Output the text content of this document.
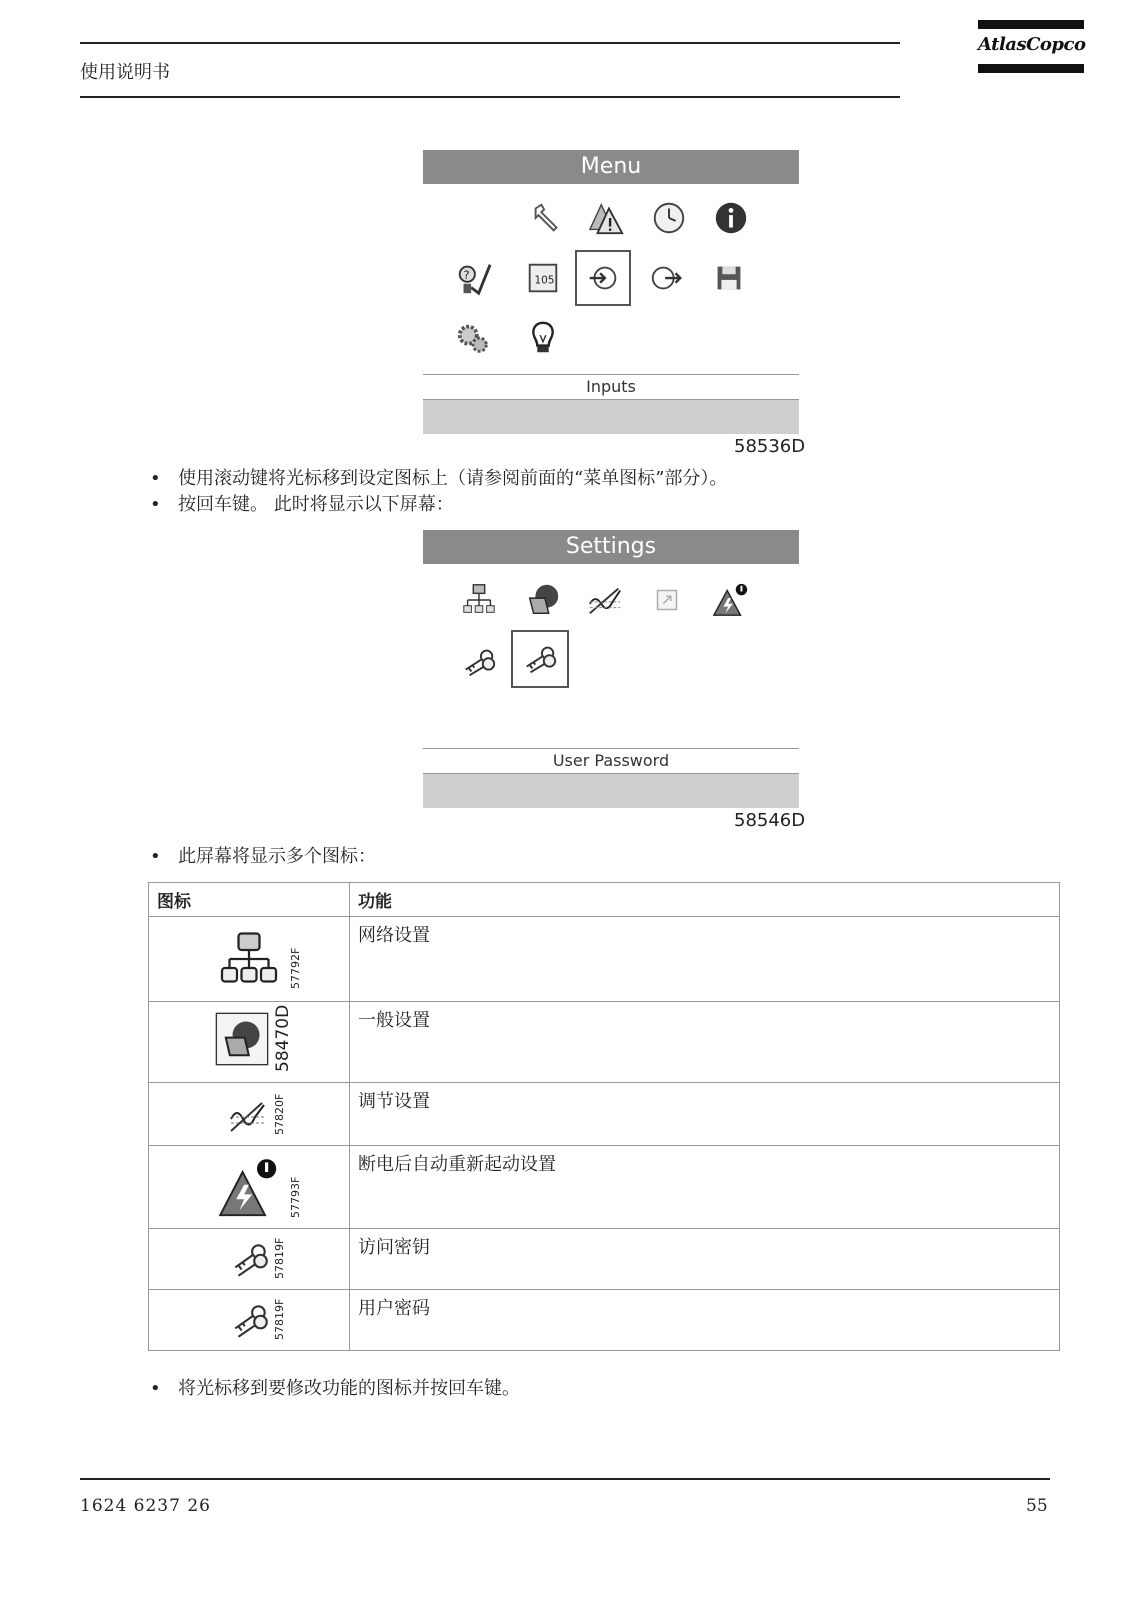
使用说明书
AtlasCopco
Menu
?	105
Inputs
58536D
• 使用滚动键将光标移到设定图标上（请参阅前面的“菜单图标”部分）。
• 按回车键。 此时将显示以下屏幕：
Settings
User Password
58546D
• 此屏幕将显示多个图标：
图标	功能

57792F	网络设置

58470D	一般设置

57820F	调节设置

57793F	断电后自动重新起动设置

57819F	访问密钥

57819F	用户密码
• 将光标移到要修改功能的图标并按回车键。
1624 6237 26	55
